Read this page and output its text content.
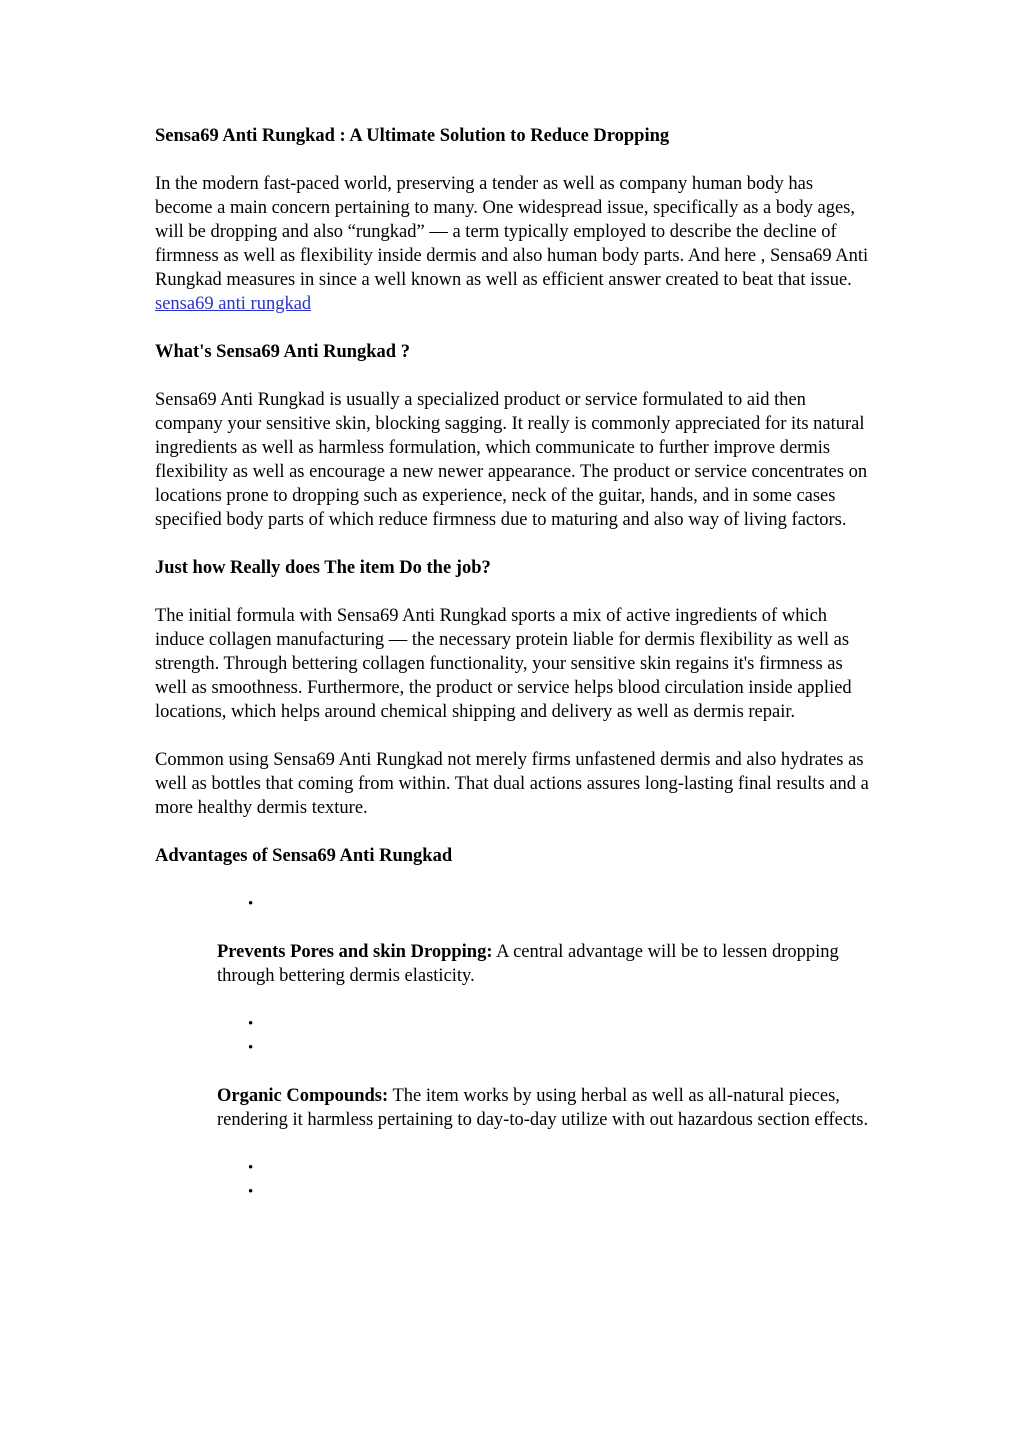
Sensa69 Anti Rungkad : A Ultimate Solution to Reduce Dropping

In the modern fast-paced world, preserving a tender as well as company human body has become a main concern pertaining to many. One widespread issue, specifically as a body ages, will be dropping and also “rungkad” — a term typically employed to describe the decline of firmness as well as flexibility inside dermis and also human body parts. And here , Sensa69 Anti Rungkad measures in since a well known as well as efficient answer created to beat that issue. sensa69 anti rungkad

What's Sensa69 Anti Rungkad ?

Sensa69 Anti Rungkad is usually a specialized product or service formulated to aid then company your sensitive skin, blocking sagging. It really is commonly appreciated for its natural ingredients as well as harmless formulation, which communicate to further improve dermis flexibility as well as encourage a new newer appearance. The product or service concentrates on locations prone to dropping such as experience, neck of the guitar, hands, and in some cases specified body parts of which reduce firmness due to maturing and also way of living factors.

Just how Really does The item Do the job?

The initial formula with Sensa69 Anti Rungkad sports a mix of active ingredients of which induce collagen manufacturing — the necessary protein liable for dermis flexibility as well as strength. Through bettering collagen functionality, your sensitive skin regains it's firmness as well as smoothness. Furthermore, the product or service helps blood circulation inside applied locations, which helps around chemical shipping and delivery as well as dermis repair.

Common using Sensa69 Anti Rungkad not merely firms unfastened dermis and also hydrates as well as bottles that coming from within. That dual actions assures long-lasting final results and a more healthy dermis texture.

Advantages of Sensa69 Anti Rungkad
•

Prevents Pores and skin Dropping: A central advantage will be to lessen dropping through bettering dermis elasticity.

•
•

Organic Compounds: The item works by using herbal as well as all-natural pieces, rendering it harmless pertaining to day-to-day utilize with out hazardous section effects.

•
•
